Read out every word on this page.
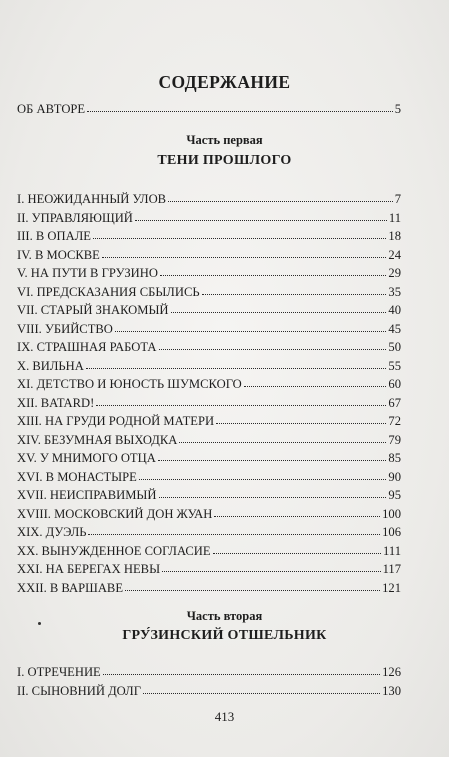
СОДЕРЖАНИЕ
ОБ АВТОРЕ	5
Часть первая
ТЕНИ ПРОШЛОГО
I. НЕОЖИДАННЫЙ УЛОВ	7
II. УПРАВЛЯЮЩИЙ	11
III. В ОПАЛЕ	18
IV. В МОСКВЕ	24
V. НА ПУТИ В ГРУЗИНО	29
VI. ПРЕДСКАЗАНИЯ СБЫЛИСЬ	35
VII. СТАРЫЙ ЗНАКОМЫЙ	40
VIII. УБИЙСТВО	45
IX. СТРАШНАЯ РАБОТА	50
X. ВИЛЬНА	55
XI. ДЕТСТВО И ЮНОСТЬ ШУМСКОГО	60
XII. BATARD!	67
XIII. НА ГРУДИ РОДНОЙ МАТЕРИ	72
XIV. БЕЗУМНАЯ ВЫХОДКА	79
XV. У МНИМОГО ОТЦА	85
XVI. В МОНАСТЫРЕ	90
XVII. НЕИСПРАВИМЫЙ	95
XVIII. МОСКОВСКИЙ ДОН ЖУАН	100
XIX. ДУЭЛЬ	106
XX. ВЫНУЖДЕННОЕ СОГЛАСИЕ	111
XXI. НА БЕРЕГАХ НЕВЫ	117
XXII. В ВАРШАВЕ	121
Часть вторая
ГРУ́ЗИНСКИЙ ОТШЕЛЬНИК
I. ОТРЕЧЕНИЕ	126
II. СЫНОВНИЙ ДОЛГ	130
413
